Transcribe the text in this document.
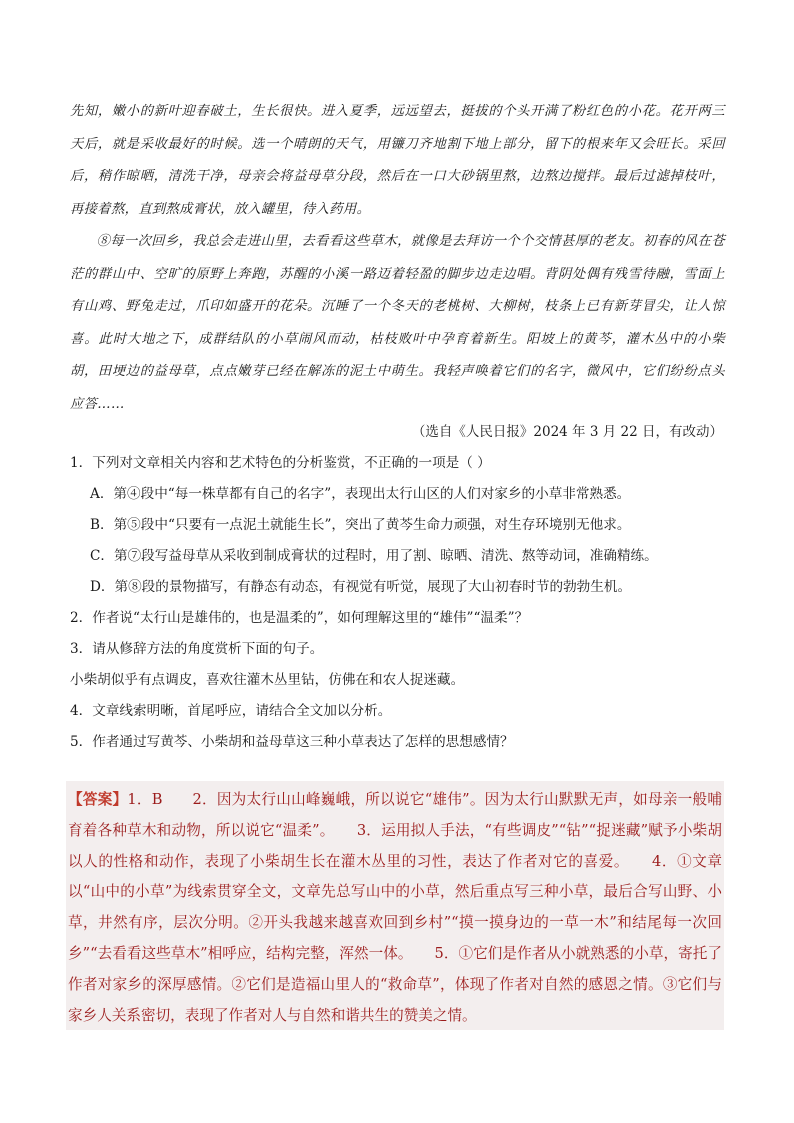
先知，嫩小的新叶迎春破土，生长很快。进入夏季，远远望去，挺拔的个头开满了粉红色的小花。花开两三天后，就是采收最好的时候。选一个晴朗的天气，用镰刀齐地割下地上部分，留下的根来年又会旺长。采回后，稍作晾晒，清洗干净，母亲会将益母草分段，然后在一口大砂锅里熬，边熬边搅拌。最后过滤掉枝叶，再接着熬，直到熬成膏状，放入罐里，待入药用。

⑧每一次回乡，我总会走进山里，去看看这些草木，就像是去拜访一个个交情甚厚的老友。初春的风在苍茫的群山中、空旷的原野上奔跑，苏醒的小溪一路迈着轻盈的脚步边走边唱。背阴处偶有残雪待融，雪面上有山鸡、野兔走过，爪印如盛开的花朵。沉睡了一个冬天的老桃树、大柳树，枝条上已有新芽冒尖，让人惊喜。此时大地之下，成群结队的小草闹风而动，枯枝败叶中孕育着新生。阳坡上的黄芩，灌木丛中的小柴胡，田埂边的益母草，点点嫩芽已经在解冻的泥土中萌生。我轻声唤着它们的名字，微风中，它们纷纷点头应答……

（选自《人民日报》2024 年 3 月 22 日，有改动）

1．下列对文章相关内容和艺术特色的分析鉴赏，不正确的一项是（ ）

A．第④段中“每一株草都有自己的名字”，表现出太行山区的人们对家乡的小草非常熟悉。

B．第⑤段中“只要有一点泥土就能生长”，突出了黄芩生命力顽强，对生存环境别无他求。

C．第⑦段写益母草从采收到制成膏状的过程时，用了割、晾晒、清洗、熬等动词，准确精练。

D．第⑧段的景物描写，有静态有动态，有视觉有听觉，展现了大山初春时节的勃勃生机。

2．作者说“太行山是雄伟的，也是温柔的”，如何理解这里的“雄伟”“温柔”？

3．请从修辞方法的角度赏析下面的句子。

小柴胡似乎有点调皮，喜欢往灌木丛里钻，仿佛在和农人捉迷藏。

4．文章线索明晰，首尾呼应，请结合全文加以分析。

5．作者通过写黄芩、小柴胡和益母草这三种小草表达了怎样的思想感情？

【答案】1．B　　2．因为太行山山峰巍峨，所以说它“雄伟”。因为太行山默默无声，如母亲一般哺育着各种草木和动物，所以说它“温柔”。　　3．运用拟人手法，“有些调皮”“钻”“捉迷藏”赋予小柴胡以人的性格和动作，表现了小柴胡生长在灌木丛里的习性，表达了作者对它的喜爱。　　4．①文章以“山中的小草”为线索贯穿全文，文章先总写山中的小草，然后重点写三种小草，最后合写山野、小草，井然有序，层次分明。②开头我越来越喜欢回到乡村”“摸一摸身边的一草一木”和结尾每一次回乡”“去看看这些草木”相呼应，结构完整，浑然一体。　　5．①它们是作者从小就熟悉的小草，寄托了作者对家乡的深厚感情。②它们是造福山里人的“救命草”，体现了作者对自然的感恩之情。③它们与家乡人关系密切，表现了作者对人与自然和谐共生的赞美之情。
